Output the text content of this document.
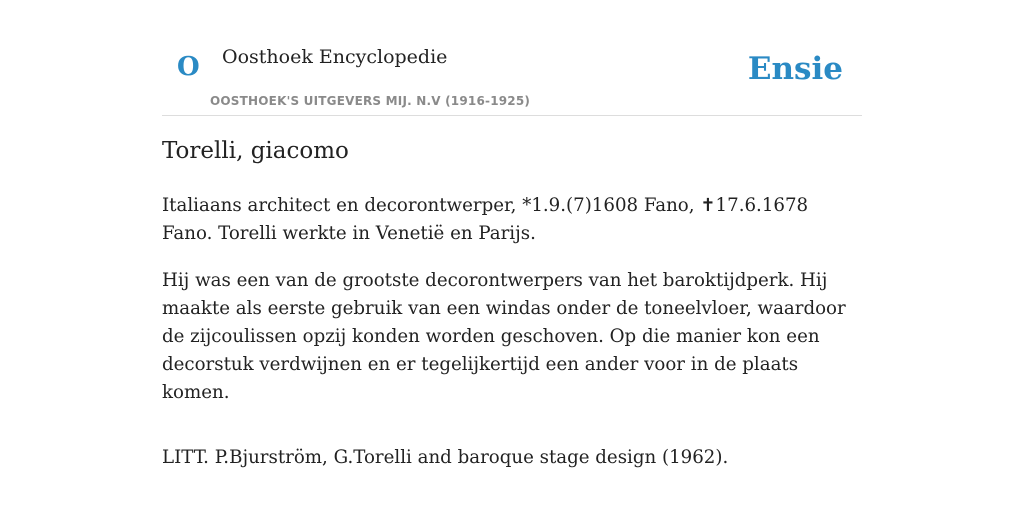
O Oosthoek Encyclopedie
OOSTHOEK'S UITGEVERS MIJ. N.V (1916-1925)
Ensie
Torelli, giacomo

Italiaans architect en decorontwerper, *1.9.(7)1608 Fano, ✝17.6.1678 Fano. Torelli werkte in Venetië en Parijs.

Hij was een van de grootste decorontwerpers van het baroktijdperk. Hij maakte als eerste gebruik van een windas onder de toneelvloer, waardoor de zijcoulissen opzij konden worden geschoven. Op die manier kon een decorstuk verdwijnen en er tegelijkertijd een ander voor in de plaats komen.

LITT. P.Bjurström, G.Torelli and baroque stage design (1962).
